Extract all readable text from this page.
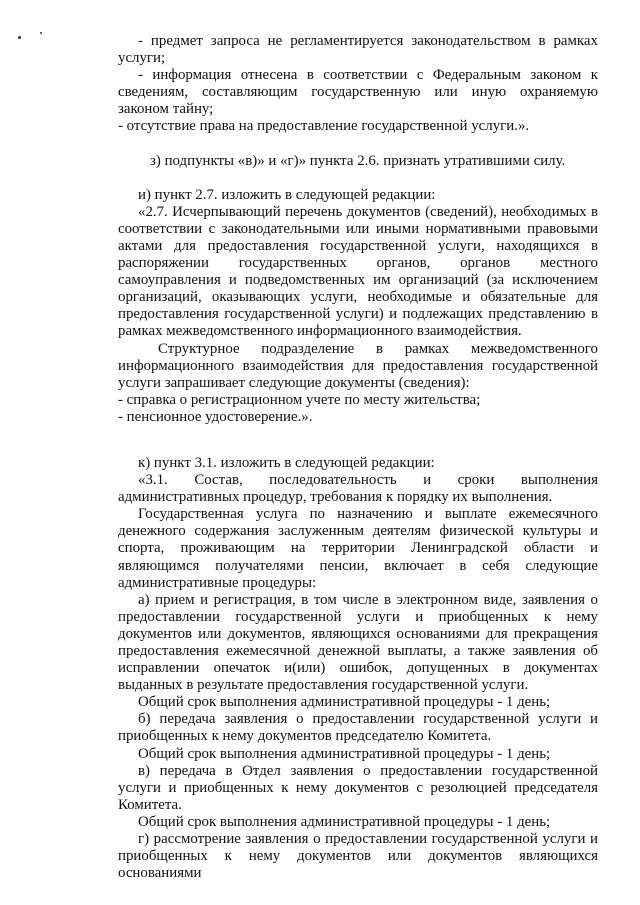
- предмет запроса не регламентируется законодательством в рамках услуги;

- информация отнесена в соответствии с Федеральным законом к сведениям, составляющим государственную или иную охраняемую законом тайну;

- отсутствие права на предоставление государственной услуги.».

з) подпункты «в)» и «г)» пункта 2.6. признать утратившими силу.

и) пункт 2.7. изложить в следующей редакции:

«2.7. Исчерпывающий перечень документов (сведений), необходимых в соответствии с законодательными или иными нормативными правовыми актами для предоставления государственной услуги, находящихся в распоряжении государственных органов, органов местного самоуправления и подведомственных им организаций (за исключением организаций, оказывающих услуги, необходимые и обязательные для предоставления государственной услуги) и подлежащих представлению в рамках межведомственного информационного взаимодействия.

Структурное	подразделение	в	рамках	межведомственного

информационного взаимодействия для предоставления государственной услуги запрашивает следующие документы (сведения):

- справка о регистрационном учете по месту жительства;

- пенсионное удостоверение.».

к) пункт 3.1. изложить в следующей редакции:

«3.1. Состав, последовательность и сроки выполнения

административных процедур, требования к порядку их выполнения.

Государственная услуга по назначению и выплате ежемесячного денежного содержания заслуженным деятелям физической культуры и спорта, проживающим на территории Ленинградской области и являющимся получателями пенсии, включает в себя следующие административные процедуры:

а) прием и регистрация, в том числе в электронном виде, заявления о предоставлении государственной услуги и приобщенных к нему документов или документов, являющихся основаниями для прекращения предоставления ежемесячной денежной выплаты, а также заявления об исправлении опечаток и(или) ошибок, допущенных в документах выданных в результате предоставления государственной услуги.

Общий срок выполнения административной процедуры - 1 день;

б) передача заявления о предоставлении государственной услуги и приобщенных к нему документов председателю Комитета.

Общий срок выполнения административной процедуры - 1 день;

в) передача в Отдел заявления о предоставлении государственной услуги и приобщенных к нему документов с резолюцией председателя Комитета.

Общий срок выполнения административной процедуры - 1 день;

г) рассмотрение заявления о предоставлении государственной услуги и приобщенных к нему документов или документов являющихся основаниями
